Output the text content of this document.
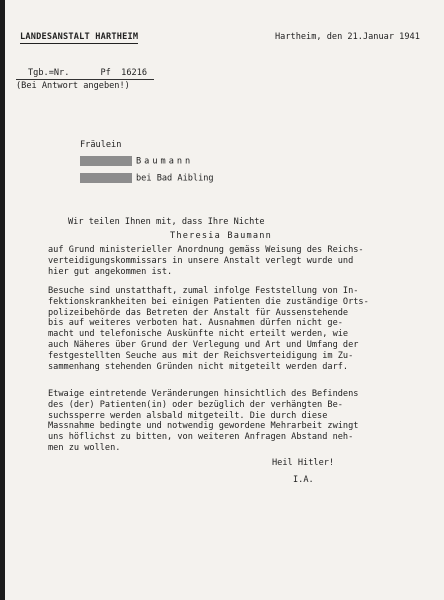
LANDESANSTALT HARTHEIM	Hartheim, den 21.Januar 1941
Tgb.=Nr.	Pf 16216
(Bei Antwort angeben!)
Fräulein
Baumann
bei Bad Aibling
Wir teilen Ihnen mit, dass Ihre Nichte
Theresia Baumann
auf Grund ministerieller Anordnung gemäss Weisung des Reichs-
verteidigungskommissars in unsere Anstalt verlegt wurde und
hier gut angekommen ist.
Besuche sind unstatthaft, zumal infolge Feststellung von In-
fektionskrankheiten bei einigen Patienten die zuständige Orts-
polizeibehörde das Betreten der Anstalt für Aussenstehende
bis auf weiteres verboten hat. Ausnahmen dürfen nicht ge-
macht und telefonische Auskünfte nicht erteilt werden, wie
auch Näheres über Grund der Verlegung und Art und Umfang der
festgestellten Seuche aus mit der Reichsverteidigung im Zu-
sammenhang stehenden Gründen nicht mitgeteilt werden darf.
Etwaige eintretende Veränderungen hinsichtlich des Befindens
des (der) Patienten(in) oder bezüglich der verhängten Be-
suchssperre werden alsbald mitgeteilt. Die durch diese
Massnahme bedingte und notwendig gewordene Mehrarbeit zwingt
uns höflichst zu bitten, von weiteren Anfragen Abstand neh-
men zu wollen.
Heil Hitler!
I.A.
